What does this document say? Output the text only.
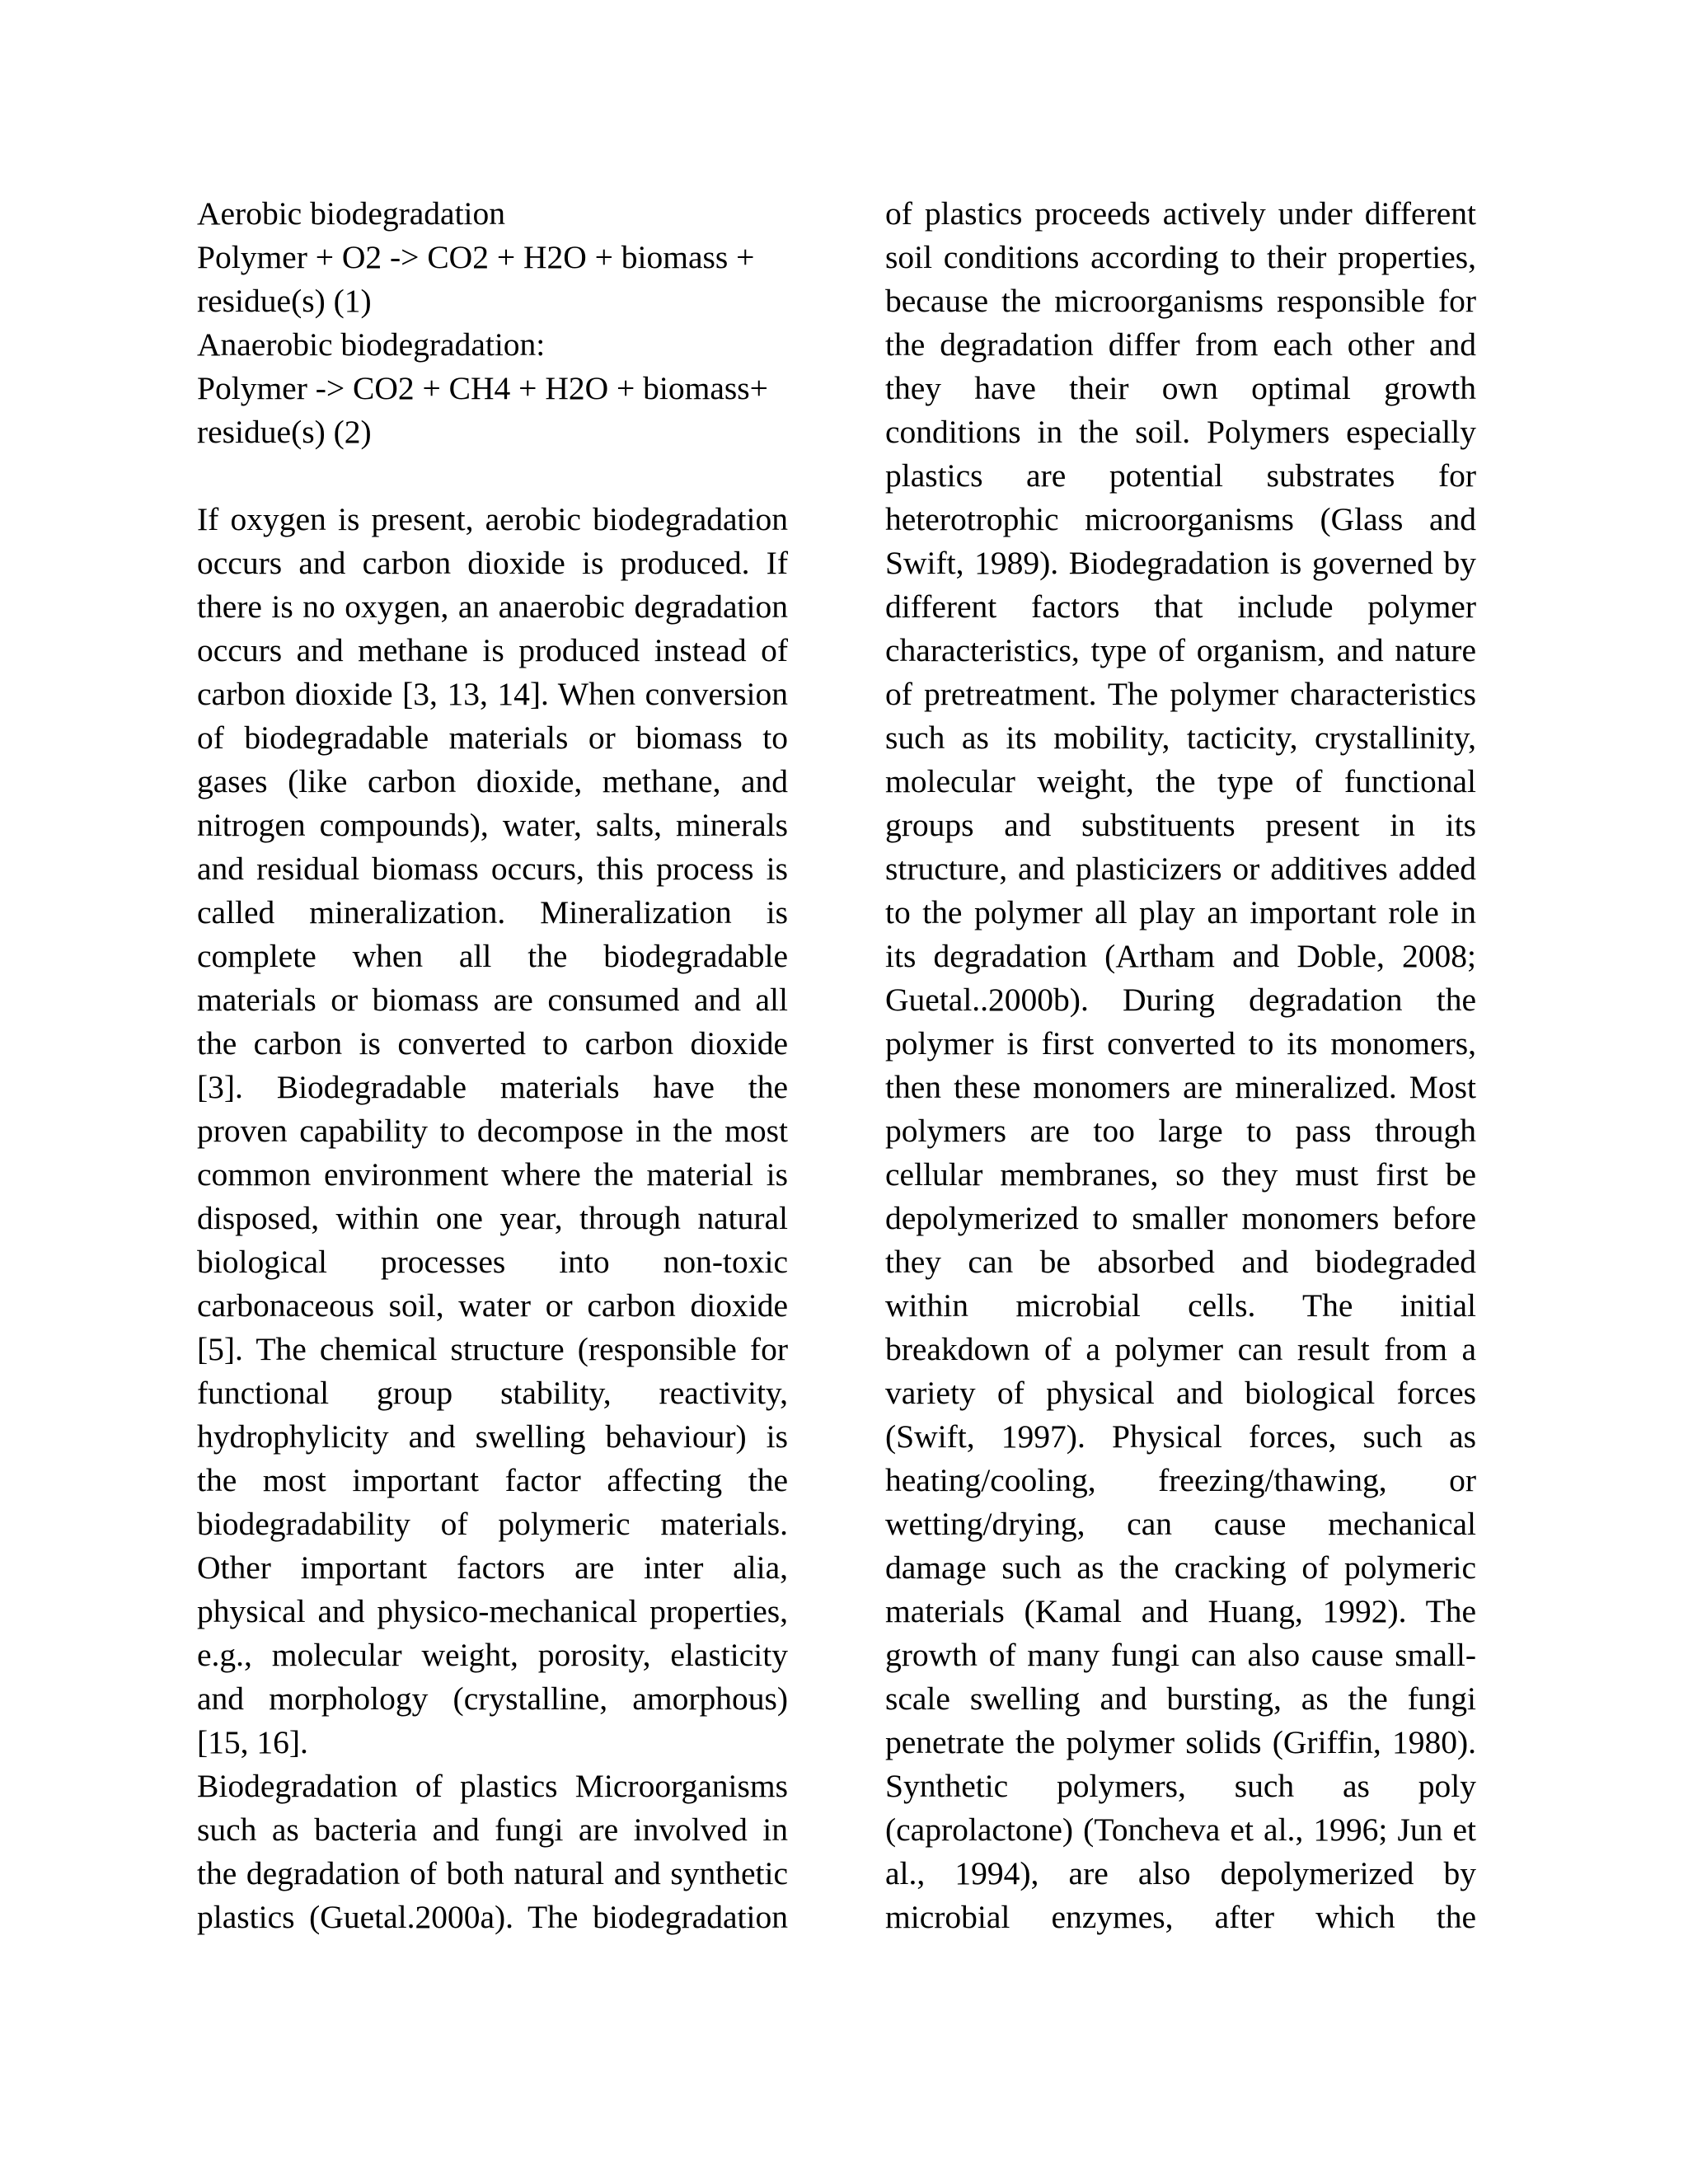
Aerobic biodegradation
Polymer + O2 -> CO2 + H2O + biomass +
residue(s) (1)
Anaerobic biodegradation:
Polymer -> CO2 + CH4 + H2O + biomass+
residue(s) (2)
If oxygen is present, aerobic biodegradation
occurs and carbon dioxide is produced. If
there is no oxygen, an anaerobic degradation
occurs and methane is produced instead of
carbon dioxide [3, 13, 14]. When conversion
of biodegradable materials or biomass to
gases (like carbon dioxide, methane, and
nitrogen compounds), water, salts, minerals
and residual biomass occurs, this process is
called mineralization. Mineralization is
complete when all the biodegradable
materials or biomass are consumed and all
the carbon is converted to carbon dioxide
[3]. Biodegradable materials have the
proven capability to decompose in the most
common environment where the material is
disposed, within one year, through natural
biological processes into non-toxic
carbonaceous soil, water or carbon dioxide
[5]. The chemical structure (responsible for
functional group stability, reactivity,
hydrophylicity and swelling behaviour) is
the most important factor affecting the
biodegradability of polymeric materials.
Other important factors are inter alia,
physical and physico-mechanical properties,
e.g., molecular weight, porosity, elasticity
and morphology (crystalline, amorphous)
[15, 16].
Biodegradation of plastics Microorganisms
such as bacteria and fungi are involved in
the degradation of both natural and synthetic
plastics (Guetal.2000a). The biodegradation
of plastics proceeds actively under different
soil conditions according to their properties,
because the microorganisms responsible for
the degradation differ from each other and
they have their own optimal growth
conditions in the soil. Polymers especially
plastics are potential substrates for
heterotrophic microorganisms (Glass and
Swift, 1989). Biodegradation is governed by
different factors that include polymer
characteristics, type of organism, and nature
of pretreatment. The polymer characteristics
such as its mobility, tacticity, crystallinity,
molecular weight, the type of functional
groups and substituents present in its
structure, and plasticizers or additives added
to the polymer all play an important role in
its degradation (Artham and Doble, 2008;
Guetal..2000b). During degradation the
polymer is first converted to its monomers,
then these monomers are mineralized. Most
polymers are too large to pass through
cellular membranes, so they must first be
depolymerized to smaller monomers before
they can be absorbed and biodegraded
within microbial cells. The initial
breakdown of a polymer can result from a
variety of physical and biological forces
(Swift, 1997). Physical forces, such as
heating/cooling, freezing/thawing, or
wetting/drying, can cause mechanical
damage such as the cracking of polymeric
materials (Kamal and Huang, 1992). The
growth of many fungi can also cause small-
scale swelling and bursting, as the fungi
penetrate the polymer solids (Griffin, 1980).
Synthetic polymers, such as poly
(caprolactone) (Toncheva et al., 1996; Jun et
al., 1994), are also depolymerized by
microbial enzymes, after which the
